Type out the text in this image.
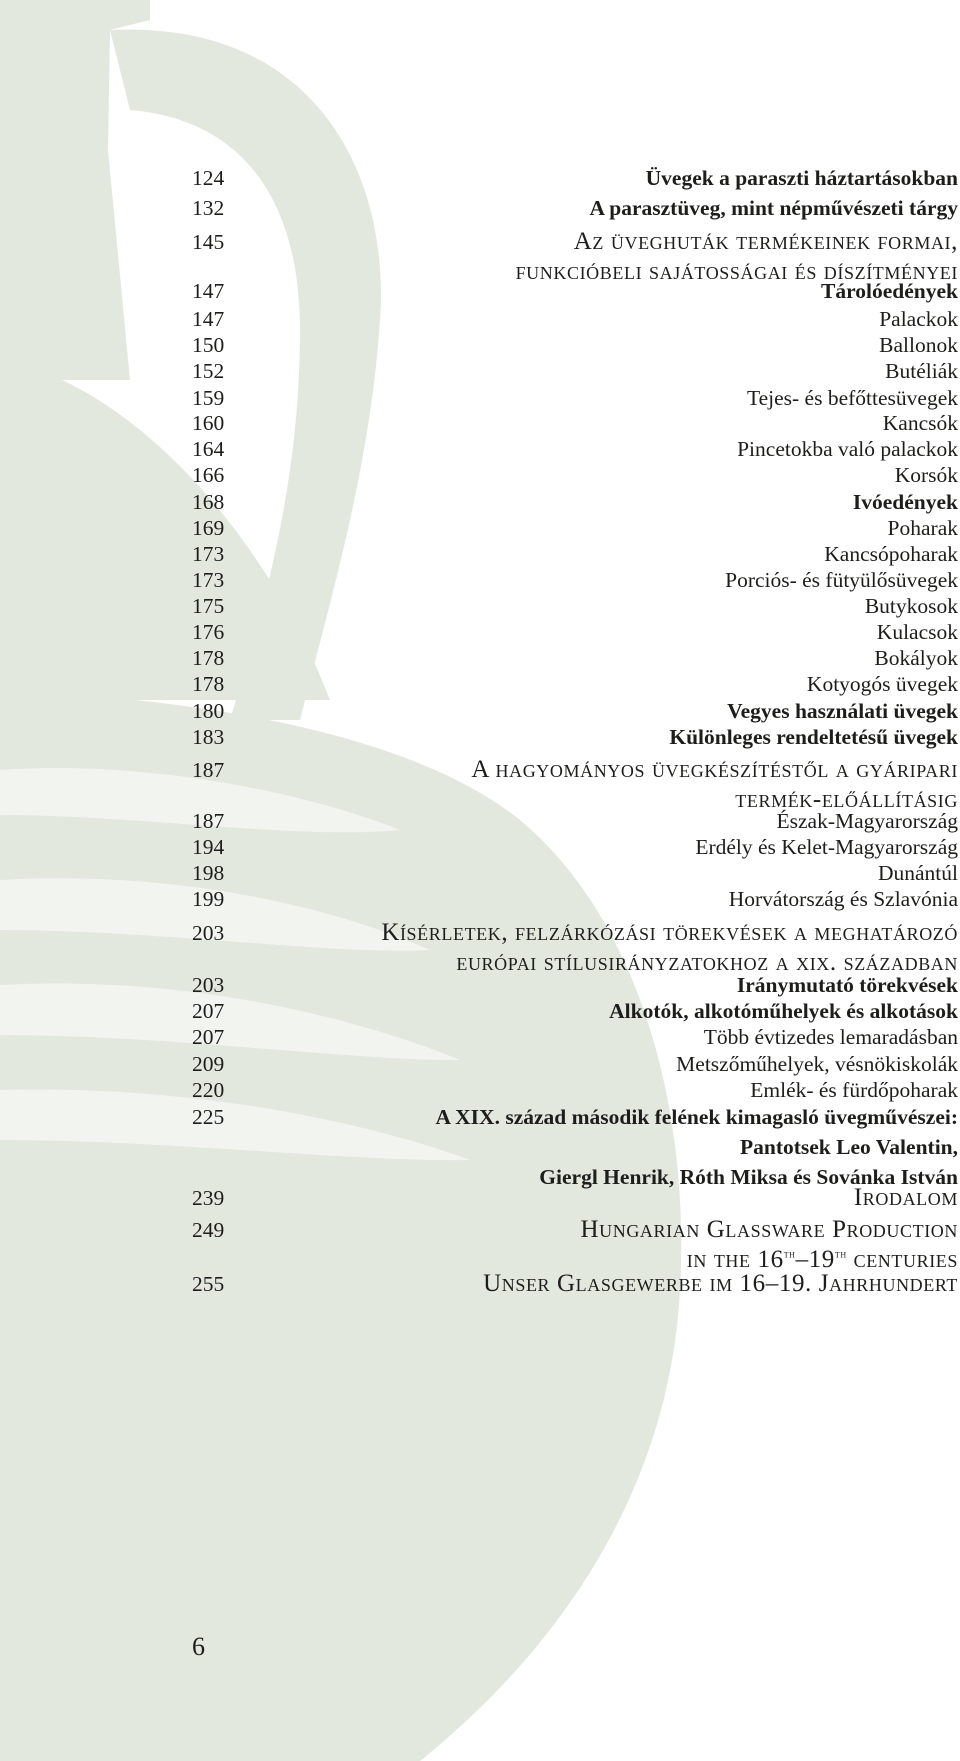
124	Üvegek a paraszti háztartásokban
132	A parasztüveg, mint népművészeti tárgy
145	Az üveghuták termékeinek formai,
funkcióbeli sajátosságai és díszítményei
147	Tárolóedények
147	Palackok
150	Ballonok
152	Butéliák
159	Tejes- és befőttesüvegek
160	Kancsók
164	Pincetokba való palackok
166	Korsók
168	Ivóedények
169	Poharak
173	Kancsópoharak
173	Porciós- és fütyülősüvegek
175	Butykosok
176	Kulacsok
178	Bokályok
178	Kotyogós üvegek
180	Vegyes használati üvegek
183	Különleges rendeltetésű üvegek
187	A hagyományos üvegkészítéstől a gyáripari
termék-előállításig
187	Észak-Magyarország
194	Erdély és Kelet-Magyarország
198	Dunántúl
199	Horvátország és Szlavónia
203	Kísérletek, felzárkózási törekvések a meghatározó
európai stílusirányzatokhoz a xix. században
203	Iránymutató törekvések
207	Alkotók, alkotóműhelyek és alkotások
207	Több évtizedes lemaradásban
209	Metszőműhelyek, vésnökiskolák
220	Emlék- és fürdőpoharak
225	A XIX. század második felének kimagasló üvegművészei:
Pantotsek Leo Valentin,
Giergl Henrik, Róth Miksa és Sovánka István
239	Irodalom
249	Hungarian Glassware Production
in the 16th–19th centuries
255	Unser Glasgewerbe im 16–19. Jahrhundert
6
